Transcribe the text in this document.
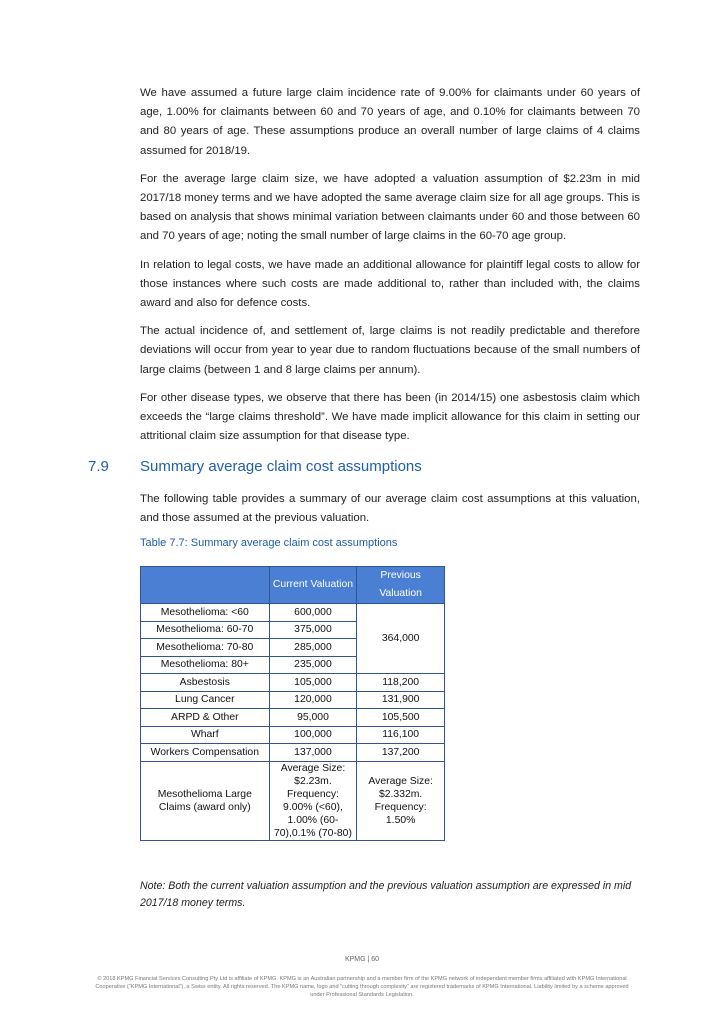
We have assumed a future large claim incidence rate of 9.00% for claimants under 60 years of age, 1.00% for claimants between 60 and 70 years of age, and 0.10% for claimants between 70 and 80 years of age. These assumptions produce an overall number of large claims of 4 claims assumed for 2018/19.

For the average large claim size, we have adopted a valuation assumption of $2.23m in mid 2017/18 money terms and we have adopted the same average claim size for all age groups. This is based on analysis that shows minimal variation between claimants under 60 and those between 60 and 70 years of age; noting the small number of large claims in the 60-70 age group.

In relation to legal costs, we have made an additional allowance for plaintiff legal costs to allow for those instances where such costs are made additional to, rather than included with, the claims award and also for defence costs.

The actual incidence of, and settlement of, large claims is not readily predictable and therefore deviations will occur from year to year due to random fluctuations because of the small numbers of large claims (between 1 and 8 large claims per annum).

For other disease types, we observe that there has been (in 2014/15) one asbestosis claim which exceeds the “large claims threshold”. We have made implicit allowance for this claim in setting our attritional claim size assumption for that disease type.

7.9 Summary average claim cost assumptions

The following table provides a summary of our average claim cost assumptions at this valuation, and those assumed at the previous valuation.

Table 7.7: Summary average claim cost assumptions
	Current Valuation	Previous Valuation
Mesothelioma: <60	600,000	364,000
Mesothelioma: 60-70	375,000	
Mesothelioma: 70-80	285,000	
Mesothelioma: 80+	235,000	
Asbestosis	105,000	118,200
Lung Cancer	120,000	131,900
ARPD & Other	95,000	105,500
Wharf	100,000	116,100
Workers Compensation	137,000	137,200
Mesothelioma Large Claims (award only)	Average Size: $2.23m. Frequency: 9.00% (<60), 1.00% (60-70),0.1% (70-80)	Average Size: $2.332m. Frequency: 1.50%

Note: Both the current valuation assumption and the previous valuation assumption are expressed in mid 2017/18 money terms.

KPMG | 60

© 2018 KPMG Financial Services Consulting Pty Ltd is affiliate of KPMG. KPMG is an Australian partnership and a member firm of the KPMG network of independent member firms affiliated with KPMG International Cooperative (“KPMG International”), a Swiss entity. All rights reserved. The KPMG name, logo and “cutting through complexity” are registered trademarks of KPMG International. Liability limited by a scheme approved under Professional Standards Legislation.
